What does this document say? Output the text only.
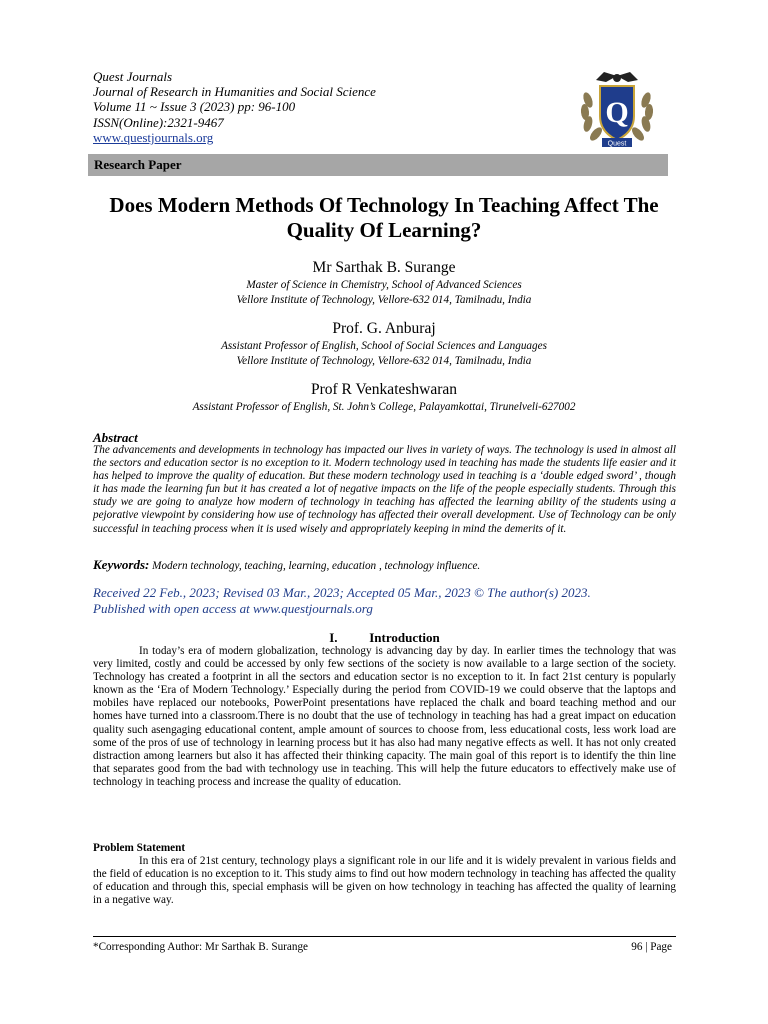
Quest Journals
Journal of Research in Humanities and Social Science
Volume 11 ~ Issue 3 (2023) pp: 96-100
ISSN(Online):2321-9467
www.questjournals.org
Q
Quest
Research Paper
Does Modern Methods Of Technology In Teaching Affect The Quality Of Learning?
Mr Sarthak B. Surange
Master of Science in Chemistry, School of Advanced Sciences
Vellore Institute of Technology, Vellore-632 014, Tamilnadu, India
Prof. G. Anburaj
Assistant Professor of English, School of Social Sciences and Languages
Vellore Institute of Technology, Vellore-632 014, Tamilnadu, India
Prof R Venkateshwaran
Assistant Professor of English, St. John’s College, Palayamkottai, Tirunelveli-627002
Abstract
The advancements and developments in technology has impacted our lives in variety of ways. The technology is used in almost all the sectors and education sector is no exception to it. Modern technology used in teaching has made the students life easier and it has helped to improve the quality of education. But these modern technology used in teaching is a ‘double edged sword’ , though it has made the learning fun but it has created a lot of negative impacts on the life of the people especially students. Through this study we are going to analyze how modern of technology in teaching has affected the learning ability of the students using a pejorative viewpoint by considering how use of technology has affected their overall development. Use of Technology can be only successful in teaching process when it is used wisely and appropriately keeping in mind the demerits of it.
Keywords: Modern technology, teaching, learning, education , technology influence.
Received 22 Feb., 2023; Revised 03 Mar., 2023; Accepted 05 Mar., 2023 © The author(s) 2023.
Published with open access at www.questjournals.org
I. Introduction
In today’s era of modern globalization, technology is advancing day by day. In earlier times the technology that was very limited, costly and could be accessed by only few sections of the society is now available to a large section of the society. Technology has created a footprint in all the sectors and education sector is no exception to it. In fact 21st century is popularly known as the ‘Era of Modern Technology.’ Especially during the period from COVID-19 we could observe that the laptops and mobiles have replaced our notebooks, PowerPoint presentations have replaced the chalk and board teaching method and our homes have turned into a classroom.There is no doubt that the use of technology in teaching has had a great impact on education quality such asengaging educational content, ample amount of sources to choose from, less educational costs, less work load are some of the pros of use of technology in learning process but it has also had many negative effects as well. It has not only created distraction among learners but also it has affected their thinking capacity. The main goal of this report is to identify the thin line that separates good from the bad with technology use in teaching. This will help the future educators to effectively make use of technology in teaching process and increase the quality of education.
Problem Statement
In this era of 21st century, technology plays a significant role in our life and it is widely prevalent in various fields and the field of education is no exception to it. This study aims to find out how modern technology in teaching has affected the quality of education and through this, special emphasis will be given on how technology in teaching has affected the quality of learning in a negative way.
*Corresponding Author: Mr Sarthak B. Surange	96 | Page
